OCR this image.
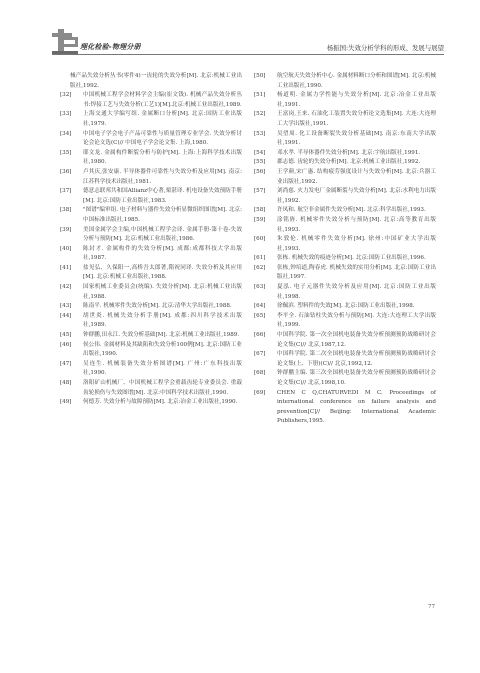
理化检验-物理分册	杨振国:失效分析学科的形成、发展与展望
械产品失效分析丛书(零件4)一齿轮的失效分析[M]. 北京:机械工业出版社,1992.
[32] 中国机械工程学会材料学会主编(崔文钱). 机械产品失效分析丛书:焊接工艺与失效分析(工艺1)[M].北京:机械工业出版社,1989.
[33] 上海交通大学编写组. 金属断口分析[M]. 北京:国防工业出版社,1979.
[34] 中国电子学会电子产品可靠性与质量管理专业学会. 失效分析讨论会论文选(C)// 中国电子学会论文集. 上海,1980.
[35] 耶文龙. 金属构件断裂分析与防护[M]. 上海:上海科学技术出版社,1980.
[36] 卢其庆,张安康. 半导体器件可靠性与失效分析及应用[M]. 南京:江苏科学技术出版社,1981.
[37] 德意志联邦共和国Allianz中心著,栗湛译. 机电设备失效预防手册[M]. 北京:国防工业出版社,1983.
[38] "图谱"编审组. 电子材料与器件失效分析显微组织图谱[M]. 北京:中国标准出版社,1985.
[39] 美国金属学会主编,中国机械工程学会译. 金属手册-第十卷-失效分析与预防[M]. 北京:机械工业出版社,1986.
[40] 陈封才. 金属构件的失效分析[M]. 成都:成都科技大学出版社,1987.
[41] 盐见弘、久保阳一,高桥吾太郎著,隋祝同译. 失效分析及其应用[M]. 北京:机械工业出版社,1988.
[42] 国家机械工业委员会(统编). 失效分析[M]. 北京:机械工业出版社,1988.
[43] 陈南平. 机械零件失效分析[M]. 北京:清华大学出版社,1988.
[44] 胡世炎. 机械失效分析手册[M]. 成都:四川科学技术出版社,1989.
[45] 钟群鹏,田永江. 失效分析基础[M]. 北京:机械工业出版社,1989.
[46] 侯公伟. 金属材料及其缺陷和失效分析100例[M]. 北京:国防工业出版社,1990.
[47] 吴连生. 机械装备失效分析图谱[M]. 广州:广东科技出版社,1990.
[48] 洛阳矿山机械厂、中国机械工程学会重载齿轮专业委员会. 重载齿轮损伤与失效图谱[M]. 北京:中国科学技术出版社,1990.
[49] 何德芳. 失效分析与故障预防[M]. 北京:冶金工业出版社,1990.
[50] 航空航天失效分析中心. 金属材料断口分析和图谱[M]. 北京:机械工业出版社,1990.
[51] 杨道明. 金属力学性能与失效分析[M]. 北京:冶金工业出版社,1991.
[52] 王富岗,王来. 石油化工装置失效分析论文选集[M]. 大连:大连理工大学出版社,1991.
[53] 吴望周. 化工设备断裂失效分析基础[M]. 南京:东南大学出版社,1991.
[54] 邓水孝. 半导体器件失效分析[M]. 北京:宇航出版社,1991.
[55] 郡志德. 齿轮的失效分析[M]. 北京:机械工业出版社,1992.
[56] 王学颜,宋广惠. 结构疲劳强度设计与失效分析[M]. 北京:兵器工业出版社,1992.
[57] 刘尚慈. 火力发电厂金属断裂与失效分析[M]. 北京:水利电力出版社,1992.
[58] 许凤和. 航空非金属件失效分析[M]. 北京:科学出版社,1993.
[59] 涂铭旌. 机械零件失效分析与预防[M]. 北京:高等教育出版社,1993.
[60] 朱敦伦. 机械零件失效分析[M]. 徐州:中国矿业大学出版社,1993.
[61] 张栋. 机械失效的痕迹分析[M]. 北京:国防工业出版社,1996.
[62] 张栋,钟培道,陶春虎. 机械失效的实用分析[M]. 北京:国防工业出版社,1997.
[63] 夏泓. 电子元器件失效分析及应用[M]. 北京:国防工业出版社,1998.
[64] 徐佩滨. 塑料件的失效[M]. 北京:国防工业出版社,1998.
[65] 李平全. 石油钻柱失效分析与预防[M]. 大连:大连理工大学出版社,1999.
[66] 中国科学院. 第一次全国机电装备失效分析预测预防战略研讨会论文集(C)// 北京,1987,12.
[67] 中国科学院. 第二次全国机电装备失效分析预测预防战略研讨会论文集(上、下册)(C)// 北京,1992,12.
[68] 钟群鹏主编. 第三次全国机电装备失效分析预测预防战略研讨会论文集(C)// 北京,1998,10.
[69] CHEN C Q,CHATURVEDI M C. Proceedings of international conference on failure analysis and prevention[C]// Beijing: International Academic Publishers,1995.
77
